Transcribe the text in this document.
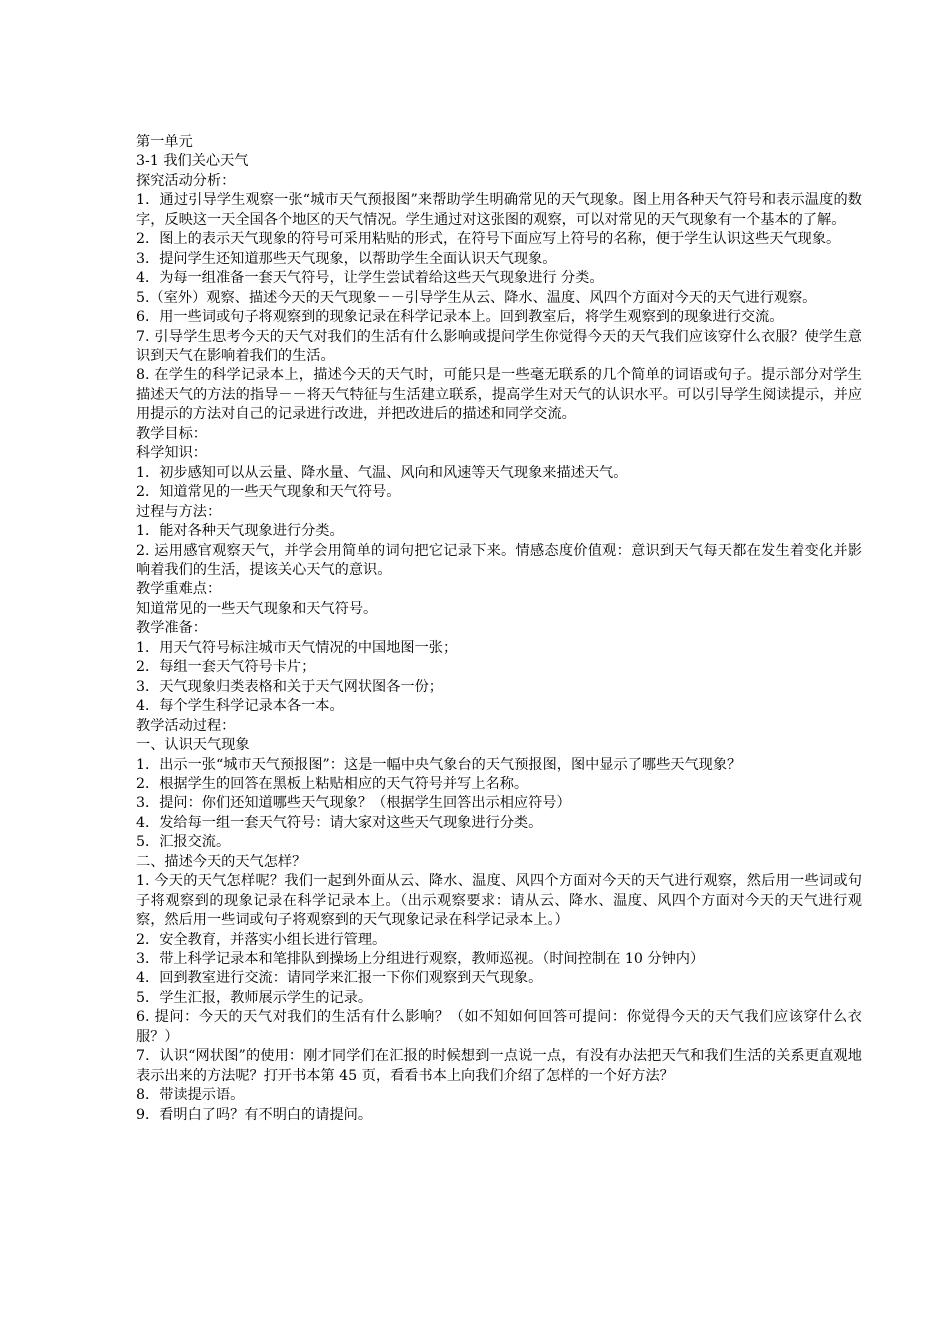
第一单元

3-1 我们关心天气

探究活动分析：

1．通过引导学生观察一张“城市天气预报图”来帮助学生明确常见的天气现象。图上用各种天气符号和表示温度的数字，反映这一天全国各个地区的天气情况。学生通过对这张图的观察，可以对常见的天气现象有一个基本的了解。

2．图上的表示天气现象的符号可采用粘贴的形式，在符号下面应写上符号的名称，便于学生认识这些天气现象。

3．提问学生还知道那些天气现象，以帮助学生全面认识天气现象。

4．为每一组准备一套天气符号，让学生尝试着给这些天气现象进行 分类。

5.（室外）观察、描述今天的天气现象－－引导学生从云、降水、温度、风四个方面对今天的天气进行观察。

6．用一些词或句子将观察到的现象记录在科学记录本上。回到教室后，将学生观察到的现象进行交流。

7. 引导学生思考今天的天气对我们的生活有什么影响或提问学生你觉得今天的天气我们应该穿什么衣服？使学生意识到天气在影响着我们的生活。

8. 在学生的科学记录本上，描述今天的天气时，可能只是一些毫无联系的几个简单的词语或句子。提示部分对学生描述天气的方法的指导－－将天气特征与生活建立联系，提高学生对天气的认识水平。可以引导学生阅读提示，并应用提示的方法对自己的记录进行改进，并把改进后的描述和同学交流。

教学目标：

科学知识：

1．初步感知可以从云量、降水量、气温、风向和风速等天气现象来描述天气。

2．知道常见的一些天气现象和天气符号。

过程与方法：

1．能对各种天气现象进行分类。

2. 运用感官观察天气，并学会用简单的词句把它记录下来。情感态度价值观：意识到天气每天都在发生着变化并影响着我们的生活，提该关心天气的意识。

教学重难点：

知道常见的一些天气现象和天气符号。

教学准备：

1．用天气符号标注城市天气情况的中国地图一张；

2．每组一套天气符号卡片；

3．天气现象归类表格和关于天气网状图各一份；

4．每个学生科学记录本各一本。

教学活动过程：

一、认识天气现象

1．出示一张“城市天气预报图”：这是一幅中央气象台的天气预报图，图中显示了哪些天气现象？

2．根据学生的回答在黑板上粘贴相应的天气符号并写上名称。

3．提问：你们还知道哪些天气现象？（根据学生回答出示相应符号）

4．发给每一组一套天气符号：请大家对这些天气现象进行分类。

5．汇报交流。

二、描述今天的天气怎样？

1. 今天的天气怎样呢？我们一起到外面从云、降水、温度、风四个方面对今天的天气进行观察，然后用一些词或句子将观察到的现象记录在科学记录本上。（出示观察要求：请从云、降水、温度、风四个方面对今天的天气进行观察，然后用一些词或句子将观察到的天气现象记录在科学记录本上。）

2．安全教育，并落实小组长进行管理。

3．带上科学记录本和笔排队到操场上分组进行观察，教师巡视。（时间控制在 10 分钟内）

4．回到教室进行交流：请同学来汇报一下你们观察到天气现象。

5．学生汇报，教师展示学生的记录。

6. 提问：今天的天气对我们的生活有什么影响？（如不知如何回答可提问：你觉得今天的天气我们应该穿什么衣服？）

7．认识“网状图”的使用：刚才同学们在汇报的时候想到一点说一点，有没有办法把天气和我们生活的关系更直观地表示出来的方法呢？打开书本第 45 页，看看书本上向我们介绍了怎样的一个好方法？

8．带读提示语。

9．看明白了吗？有不明白的请提问。
